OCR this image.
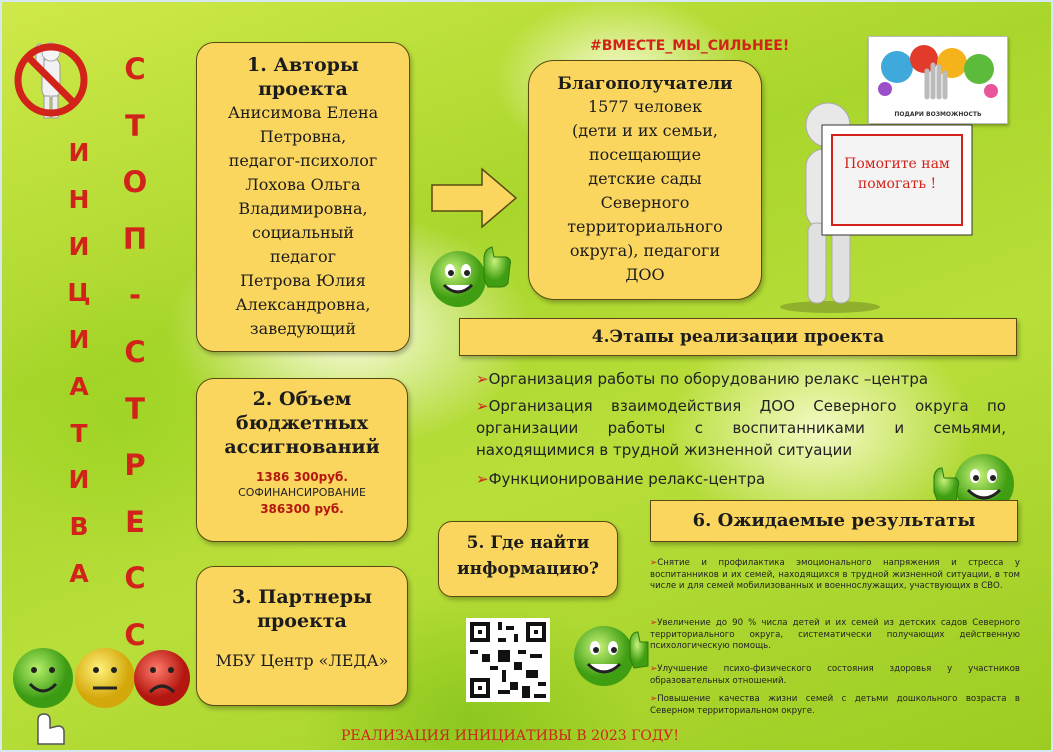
И
Н
И
Ц
И
А
Т
И
В
А
С
Т
О
П
-
С
Т
Р
Е
С
С
#ВМЕСТЕ_МЫ_СИЛЬНЕЕ!
ПОДАРИ ВОЗМОЖНОСТЬ
1. Авторы проекта
Анисимова Елена
Петровна,
педагог-психолог
Лохова Ольга
Владимировна,
социальный
педагог
Петрова Юлия
Александровна,
заведующий
Благополучатели
1577 человек
(дети и их семьи,
посещающие
детские сады
Северного
территориального
округа), педагоги
ДОО
Помогите нам помогать !
4.Этапы реализации проекта
➢Организация работы по оборудованию релакс –центра
➢Организация взаимодействия ДОО Северного округа по организации работы с воспитанниками и семьями, находящимися в трудной жизненной ситуации
➢Функционирование релакс-центра
6. Ожидаемые результаты
➢Снятие и профилактика эмоционального напряжения и стресса у воспитанников и их семей, находящихся в трудной жизненной ситуации, в том числе и для семей мобилизованных и военнослужащих, участвующих в СВО.
➢Увеличение до 90 % числа детей и их семей из детских садов Северного территориального округа, систематически получающих действенную психологическую помощь.
➢Улучшение психо-физического состояния здоровья у участников образовательных отношений.
➢Повышение качества жизни семей с детьми дошкольного возраста в Северном территориальном округе.
2. Объем бюджетных ассигнований
1386 300руб.
СОФИНАНСИРОВАНИЕ
386300 руб.
3. Партнеры проекта
МБУ Центр «ЛЕДА»
5. Где найти информацию?
РЕАЛИЗАЦИЯ ИНИЦИАТИВЫ В 2023 ГОДУ!
